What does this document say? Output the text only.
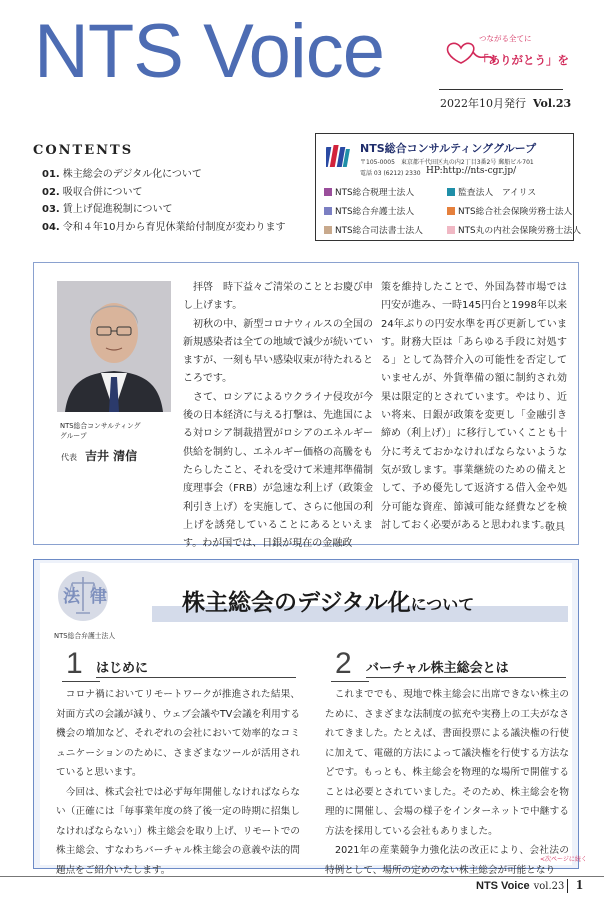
NTS Voice	つながる全てに
「ありがとう」を
2022年10月発行 Vol.23
CONTENTS
01. 株主総会のデジタル化について
02. 吸収合併について
03. 賃上げ促進税制について
04. 令和４年10月から育児休業給付制度が変わります
NTS総合コンサルティンググループ
〒105-0005　東京都千代田区丸の内2丁目3番2号 郵船ビル701
電話 03 (6212) 2330 HP:http://nts-cgr.jp/
NTS総合税理士法人	監査法人　アイリス
NTS総合弁護士法人	NTS総合社会保険労務士法人
NTS総合司法書士法人	NTS丸の内社会保険労務士法人
NTS総合コンサルティング
グループ
代表 吉井 清信
　拝啓　時下益々ご清栄のこととお慶び申し上げます。
　初秋の中、新型コロナウィルスの全国の新規感染者は全ての地域で減少が続いていますが、一刻も早い感染収束が待たれるところです。
　さて、ロシアによるウクライナ侵攻が今後の日本経済に与える打撃は、先進国による対ロシア制裁措置がロシアのエネルギー供給を制約し、エネルギー価格の高騰をもたらしたこと、それを受けて米連邦準備制度理事会（FRB）が急速な利上げ（政策金利引き上げ）を実施して、さらに他国の利上げを誘発していることにあるといえます。わが国では、日銀が現在の金融政
策を維持したことで、外国為替市場では円安が進み、一時145円台と1998年以来24年ぶりの円安水準を再び更新しています。財務大臣は「あらゆる手段に対処する」として為替介入の可能性を否定していませんが、外貨準備の額に制約され効果は限定的とされています。やはり、近い将来、日銀が政策を変更し「金融引き締め（利上げ）」に移行していくことも十分に考えておかなければならないような気が致します。事業継続のための備えとして、予め優先して返済する借入金や処分可能な資産、節減可能な経費などを検討しておく必要があると思われます。
敬具
法律
NTS総合弁護士法人
株主総会のデジタル化について
1 はじめに
　コロナ禍においてリモートワークが推進された結果、対面方式の会議が減り、ウェブ会議やTV会議を利用する機会の増加など、それぞれの会社において効率的なコミュニケーションのために、さまざまなツールが活用されていると思います。
　今回は、株式会社では必ず毎年開催しなければならない（正確には「毎事業年度の終了後一定の時期に招集しなければならない」）株主総会を取り上げ、リモートでの株主総会、すなわちバーチャル株主総会の意義や法的問題点をご紹介いたします。
2 バーチャル株主総会とは
　これまででも、現地で株主総会に出席できない株主のために、さまざまな法制度の拡充や実務上の工夫がなされてきました。たとえば、書面投票による議決権の行使に加えて、電磁的方法によって議決権を行使する方法などです。もっとも、株主総会を物理的な場所で開催することは必要とされていました。そのため、株主総会を物理的に開催し、会場の様子をインターネットで中継する方法を採用している会社もありました。
　2021年の産業競争力強化法の改正により、会社法の特例として、場所の定めのない株主総会が可能となり
<次ページに続く
NTS Voice vol.23 1
